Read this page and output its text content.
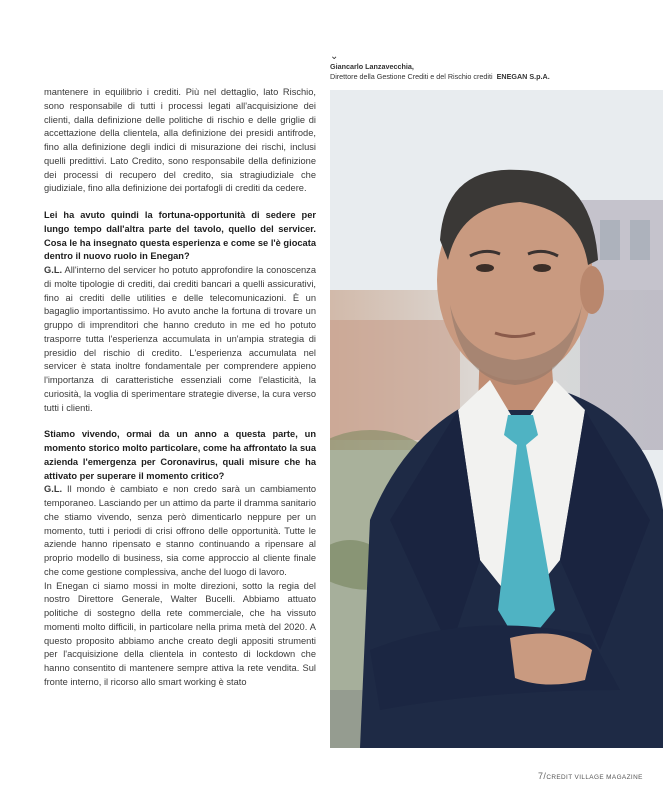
⌄
Giancarlo Lanzavecchia,
Direttore della Gestione Crediti e del Rischio crediti ENEGAN S.p.A.

mantenere in equilibrio i crediti. Più nel dettaglio, lato Rischio, sono responsabile di tutti i processi legati all'acquisizione dei clienti, dalla definizione delle politiche di rischio e delle griglie di accettazione della clientela, alla definizione dei presidi antifrode, fino alla definizione degli indici di misurazione dei rischi, inclusi quelli predittivi. Lato Credito, sono responsabile della definizione dei processi di recupero del credito, sia stragiudiziale che giudiziale, fino alla definizione dei portafogli di crediti da cedere.

Lei ha avuto quindi la fortuna-opportunità di sedere per lungo tempo dall'altra parte del tavolo, quello del servicer. Cosa le ha insegnato questa esperienza e come se l'è giocata dentro il nuovo ruolo in Enegan?

G.L. All'interno del servicer ho potuto approfondire la conoscenza di molte tipologie di crediti, dai crediti bancari a quelli assicurativi, fino ai crediti delle utilities e delle telecomunicazioni. È un bagaglio importantissimo. Ho avuto anche la fortuna di trovare un gruppo di imprenditori che hanno creduto in me ed ho potuto trasporre tutta l'esperienza accumulata in un'ampia strategia di presidio del rischio di credito. L'esperienza accumulata nel servicer è stata inoltre fondamentale per comprendere appieno l'importanza di caratteristiche essenziali come l'elasticità, la curiosità, la voglia di sperimentare strategie diverse, la cura verso tutti i clienti.

Stiamo vivendo, ormai da un anno a questa parte, un momento storico molto particolare, come ha affrontato la sua azienda l'emergenza per Coronavirus, quali misure che ha attivato per superare il momento critico?

G.L. Il mondo è cambiato e non credo sarà un cambiamento temporaneo. Lasciando per un attimo da parte il dramma sanitario che stiamo vivendo, senza però dimenticarlo neppure per un momento, tutti i periodi di crisi offrono delle opportunità. Tutte le aziende hanno ripensato e stanno continuando a ripensare al proprio modello di business, sia come approccio al cliente finale che come gestione complessiva, anche del luogo di lavoro.

In Enegan ci siamo mossi in molte direzioni, sotto la regia del nostro Direttore Generale, Walter Bucelli. Abbiamo attuato politiche di sostegno della rete commerciale, che ha vissuto momenti molto difficili, in particolare nella prima metà del 2020. A questo proposito abbiamo anche creato degli appositi strumenti per l'acquisizione della clientela in contesto di lockdown che hanno consentito di mantenere sempre attiva la rete vendita. Sul fronte interno, il ricorso allo smart working è stato

7/CREDIT VILLAGE MAGAZINE
